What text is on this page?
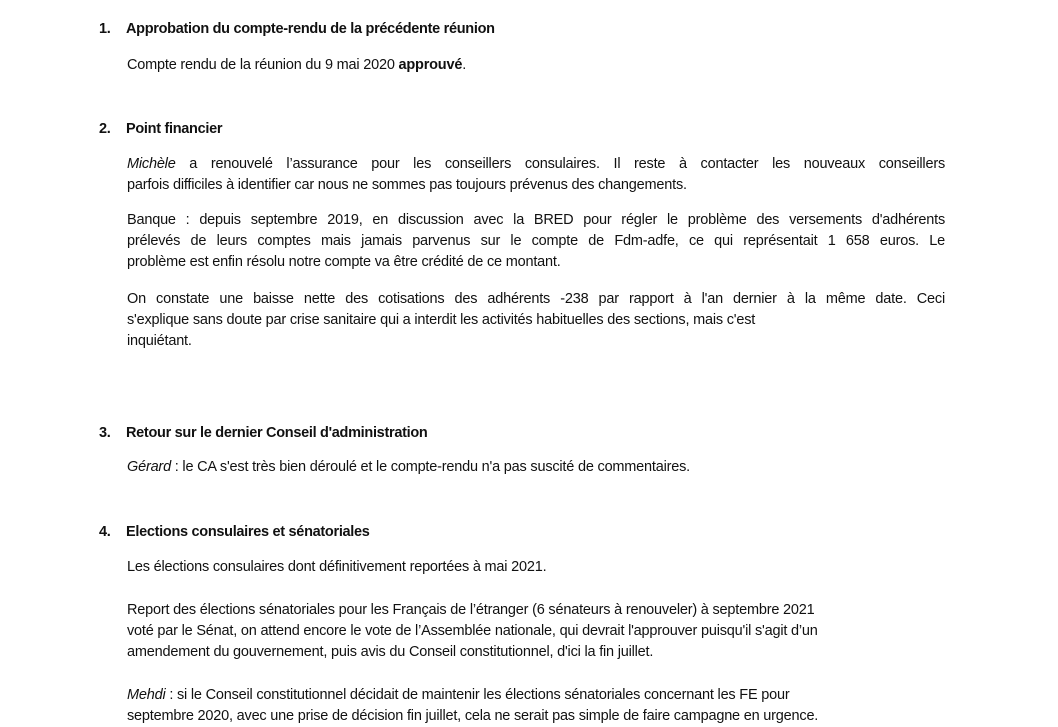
1. Approbation du compte-rendu de la précédente réunion
Compte rendu de la réunion du 9 mai 2020 approuvé.
2. Point financier
Michèle a renouvelé l’assurance pour les conseillers consulaires. Il reste à contacter les nouveaux conseillers
parfois difficiles à identifier car nous ne sommes pas toujours prévenus des changements.
Banque : depuis septembre 2019, en discussion avec la BRED pour régler le problème des versements d'adhérents
prélevés de leurs comptes mais jamais parvenus sur le compte de Fdm-adfe, ce qui représentait 1 658 euros. Le
problème est enfin résolu notre compte va être crédité de ce montant.
On constate une baisse nette des cotisations des adhérents -238 par rapport à l'an dernier à la même date. Ceci
s'explique sans doute par crise sanitaire qui a interdit les activités habituelles des sections, mais c'est
inquiétant.
3. Retour sur le dernier Conseil d'administration
Gérard : le CA s'est très bien déroulé et le compte-rendu n'a pas suscité de commentaires.
4. Elections consulaires et sénatoriales
Les élections consulaires dont définitivement reportées à mai 2021.
Report des élections sénatoriales pour les Français de l’étranger (6 sénateurs à renouveler) à septembre 2021
voté par le Sénat, on attend encore le vote de l’Assemblée nationale, qui devrait l'approuver puisqu'il s'agit d’un
amendement du gouvernement, puis avis du Conseil constitutionnel, d'ici la fin juillet.
Mehdi : si le Conseil constitutionnel décidait de maintenir les élections sénatoriales concernant les FE pour
septembre 2020, avec une prise de décision fin juillet, cela ne serait pas simple de faire campagne en urgence.
